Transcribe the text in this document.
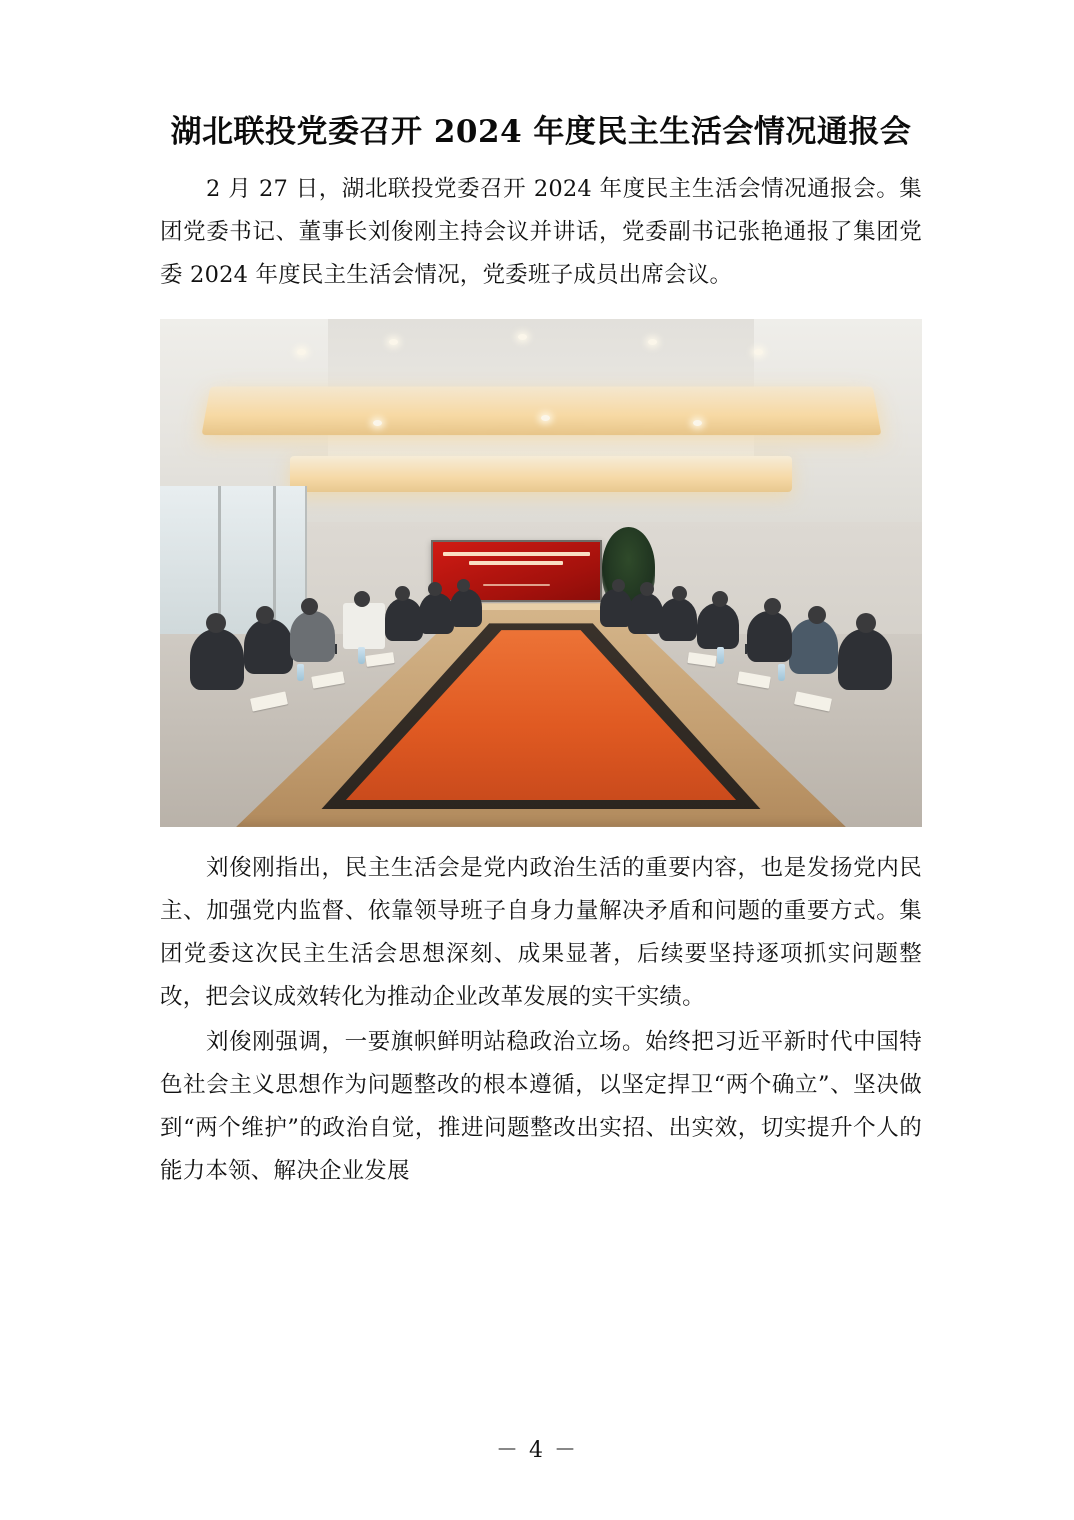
湖北联投党委召开 2024 年度民主生活会情况通报会

2 月 27 日，湖北联投党委召开 2024 年度民主生活会情况通报会。集团党委书记、董事长刘俊刚主持会议并讲话，党委副书记张艳通报了集团党委 2024 年度民主生活会情况，党委班子成员出席会议。

刘俊刚指出，民主生活会是党内政治生活的重要内容，也是发扬党内民主、加强党内监督、依靠领导班子自身力量解决矛盾和问题的重要方式。集团党委这次民主生活会思想深刻、成果显著，后续要坚持逐项抓实问题整改，把会议成效转化为推动企业改革发展的实干实绩。

刘俊刚强调，一要旗帜鲜明站稳政治立场。始终把习近平新时代中国特色社会主义思想作为问题整改的根本遵循，以坚定捍卫“两个确立”、坚决做到“两个维护”的政治自觉，推进问题整改出实招、出实效，切实提升个人的能力本领、解决企业发展

－ 4 －
